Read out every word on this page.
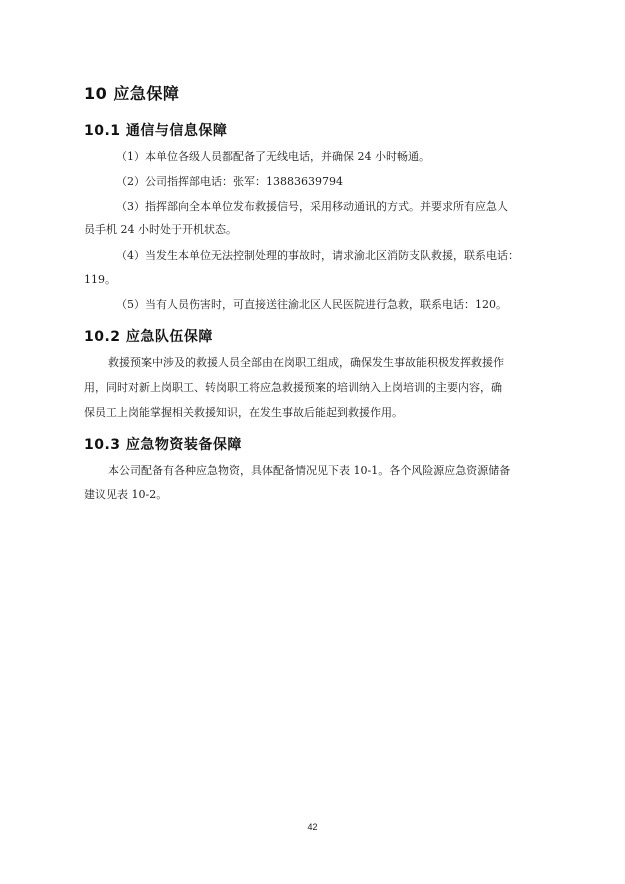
10 应急保障
10.1 通信与信息保障
（1）本单位各级人员都配备了无线电话，并确保 24 小时畅通。
（2）公司指挥部电话：张军：13883639794
（3）指挥部向全本单位发布救援信号，采用移动通讯的方式。并要求所有应急人
员手机 24 小时处于开机状态。
（4）当发生本单位无法控制处理的事故时，请求渝北区消防支队救援，联系电话：
119。
（5）当有人员伤害时，可直接送往渝北区人民医院进行急救，联系电话：120。
10.2 应急队伍保障
救援预案中涉及的救援人员全部由在岗职工组成，确保发生事故能积极发挥救援作
用，同时对新上岗职工、转岗职工将应急救援预案的培训纳入上岗培训的主要内容，确
保员工上岗能掌握相关救援知识，在发生事故后能起到救援作用。
10.3 应急物资装备保障
本公司配备有各种应急物资，具体配备情况见下表 10-1。各个风险源应急资源储备
建议见表 10-2。
42
